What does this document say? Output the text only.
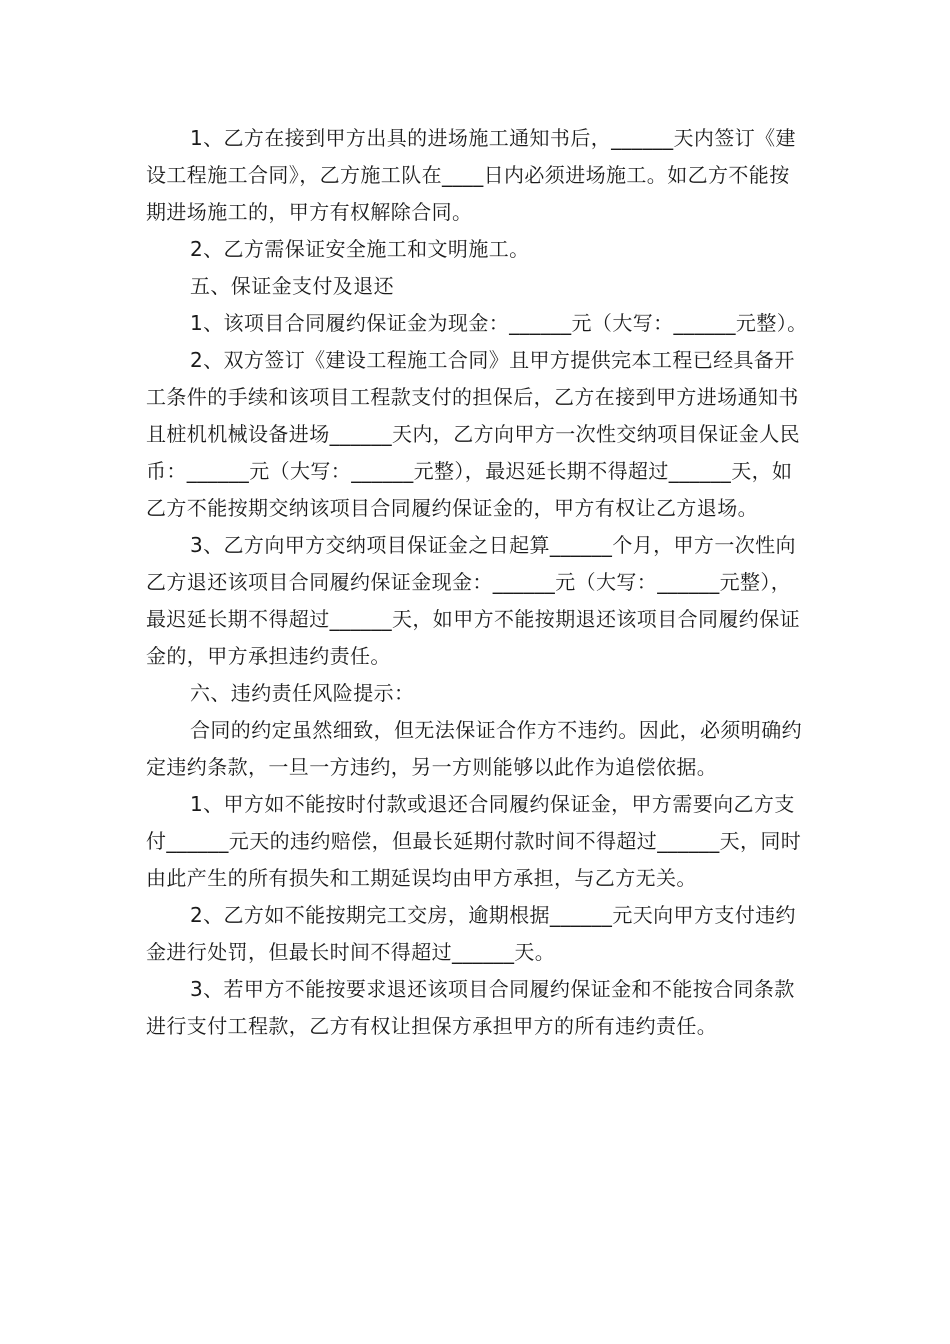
1、乙方在接到甲方出具的进场施工通知书后，______天内签订《建设工程施工合同》，乙方施工队在____日内必须进场施工。如乙方不能按期进场施工的，甲方有权解除合同。

2、乙方需保证安全施工和文明施工。

五、保证金支付及退还

1、该项目合同履约保证金为现金：______元（大写：______元整）。

2、双方签订《建设工程施工合同》且甲方提供完本工程已经具备开工条件的手续和该项目工程款支付的担保后，乙方在接到甲方进场通知书且桩机机械设备进场______天内，乙方向甲方一次性交纳项目保证金人民币：______元（大写：______元整），最迟延长期不得超过______天，如乙方不能按期交纳该项目合同履约保证金的，甲方有权让乙方退场。

3、乙方向甲方交纳项目保证金之日起算______个月，甲方一次性向乙方退还该项目合同履约保证金现金：______元（大写：______元整），最迟延长期不得超过______天，如甲方不能按期退还该项目合同履约保证金的，甲方承担违约责任。

六、违约责任风险提示：

合同的约定虽然细致，但无法保证合作方不违约。因此，必须明确约定违约条款，一旦一方违约，另一方则能够以此作为追偿依据。

1、甲方如不能按时付款或退还合同履约保证金，甲方需要向乙方支付______元天的违约赔偿，但最长延期付款时间不得超过______天，同时由此产生的所有损失和工期延误均由甲方承担，与乙方无关。

2、乙方如不能按期完工交房，逾期根据______元天向甲方支付违约金进行处罚，但最长时间不得超过______天。

3、若甲方不能按要求退还该项目合同履约保证金和不能按合同条款进行支付工程款，乙方有权让担保方承担甲方的所有违约责任。
